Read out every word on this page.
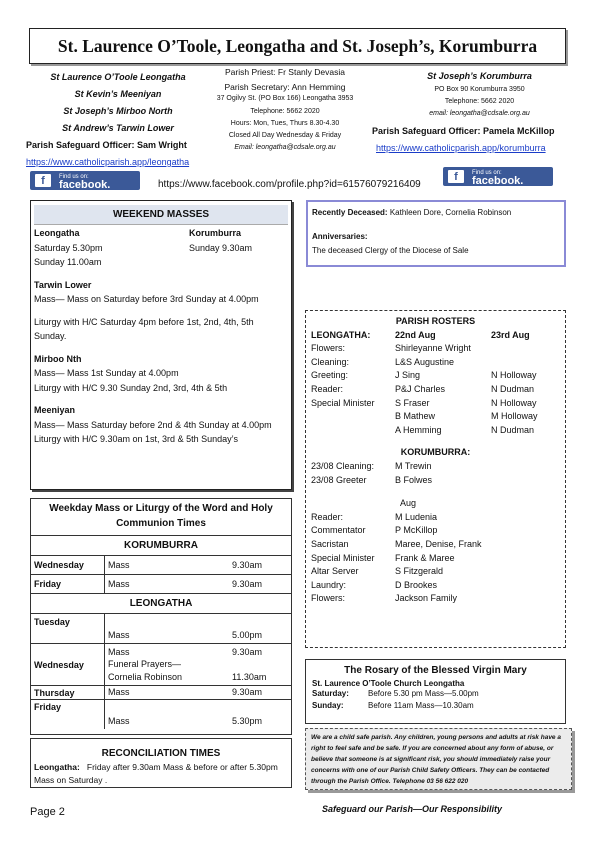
St. Laurence O’Toole, Leongatha and St. Joseph’s, Korumburra
St Laurence O’Toole Leongatha
St Kevin’s Meeniyan
St Joseph’s Mirboo North
St Andrew’s Tarwin Lower
Parish Safeguard Officer: Sam Wright
https://www.catholicparish.app/leongatha
Parish Priest: Fr Stanly Devasia
Parish Secretary: Ann Hemming
37 Ogilvy St. (PO Box 166) Leongatha 3953
Telephone: 5662 2020
Hours: Mon, Tues, Thurs 8.30-4.30
Closed All Day Wednesday & Friday
Email: leongatha@cdsale.org.au
St Joseph’s Korumburra
PO Box 90 Korumburra 3950
Telephone: 5662 2020
email: leongatha@cdsale.org.au
Parish Safeguard Officer: Pamela McKillop
https://www.catholicparish.app/korumburra
f	Find us on:
facebook.	https://www.facebook.com/profile.php?id=61576079216409
f	Find us on:
facebook.
WEEKEND MASSES
Leongatha	Korumburra
Saturday 5.30pm	Sunday 9.30am
Sunday 11.00am
Tarwin Lower
Mass— Mass on Saturday before 3rd Sunday at 4.00pm
Liturgy with H/C Saturday 4pm before 1st, 2nd, 4th, 5th Sunday.
Mirboo Nth
Mass— Mass 1st Sunday at 4.00pm
Liturgy with H/C 9.30 Sunday 2nd, 3rd, 4th & 5th
Meeniyan
Mass— Mass Saturday before 2nd & 4th Sunday at 4.00pm
Liturgy with H/C 9.30am on 1st, 3rd & 5th Sunday’s
Recently Deceased: Kathleen Dore, Cornelia Robinson
Anniversaries:
The deceased Clergy of the Diocese of Sale
PARISH ROSTERS
LEONGATHA:	22nd Aug	23rd Aug
Flowers:	Shirleyanne Wright
Cleaning:	L&S Augustine
Greeting:	J Sing	N Holloway
Reader:	P&J Charles	N Dudman
Special Minister	S Fraser	N Holloway
B Mathew	M Holloway
A Hemming	N Dudman
KORUMBURRA:
23/08 Cleaning:	M Trewin
23/08 Greeter	B Folwes
Aug
Reader:	M Ludenia
Commentator	P McKillop
Sacristan	Maree, Denise, Frank
Special Minister	Frank & Maree
Altar Server	S Fitzgerald
Laundry:	D Brookes
Flowers:	Jackson Family
Weekday Mass or Liturgy of the Word and Holy Communion Times
KORUMBURRA
Wednesday	Mass	9.30am
Friday	Mass	9.30am
LEONGATHA
Tuesday
Mass	5.00pm
Wednesday
Mass	9.30am
Funeral Prayers—
Cornelia Robinson	11.30am
Thursday	Mass	9.30am
Friday
Mass	5.30pm
RECONCILIATION TIMES
Leongatha: Friday after 9.30am Mass & before or after 5.30pm Mass on Saturday .
The Rosary of the Blessed Virgin Mary
St. Laurence O’Toole Church Leongatha
Saturday:	Before 5.30 pm Mass—5.00pm
Sunday:	Before 11am Mass—10.30am
We are a child safe parish. Any children, young persons and adults at risk have a right to feel safe and be safe. If you are concerned about any form of abuse, or believe that someone is at significant risk, you should immediately raise your concerns with one of our Parish Child Safety Officers. They can be contacted through the Parish Office. Telephone 03 56 622 020
Page 2	Safeguard our Parish—Our Responsibility
